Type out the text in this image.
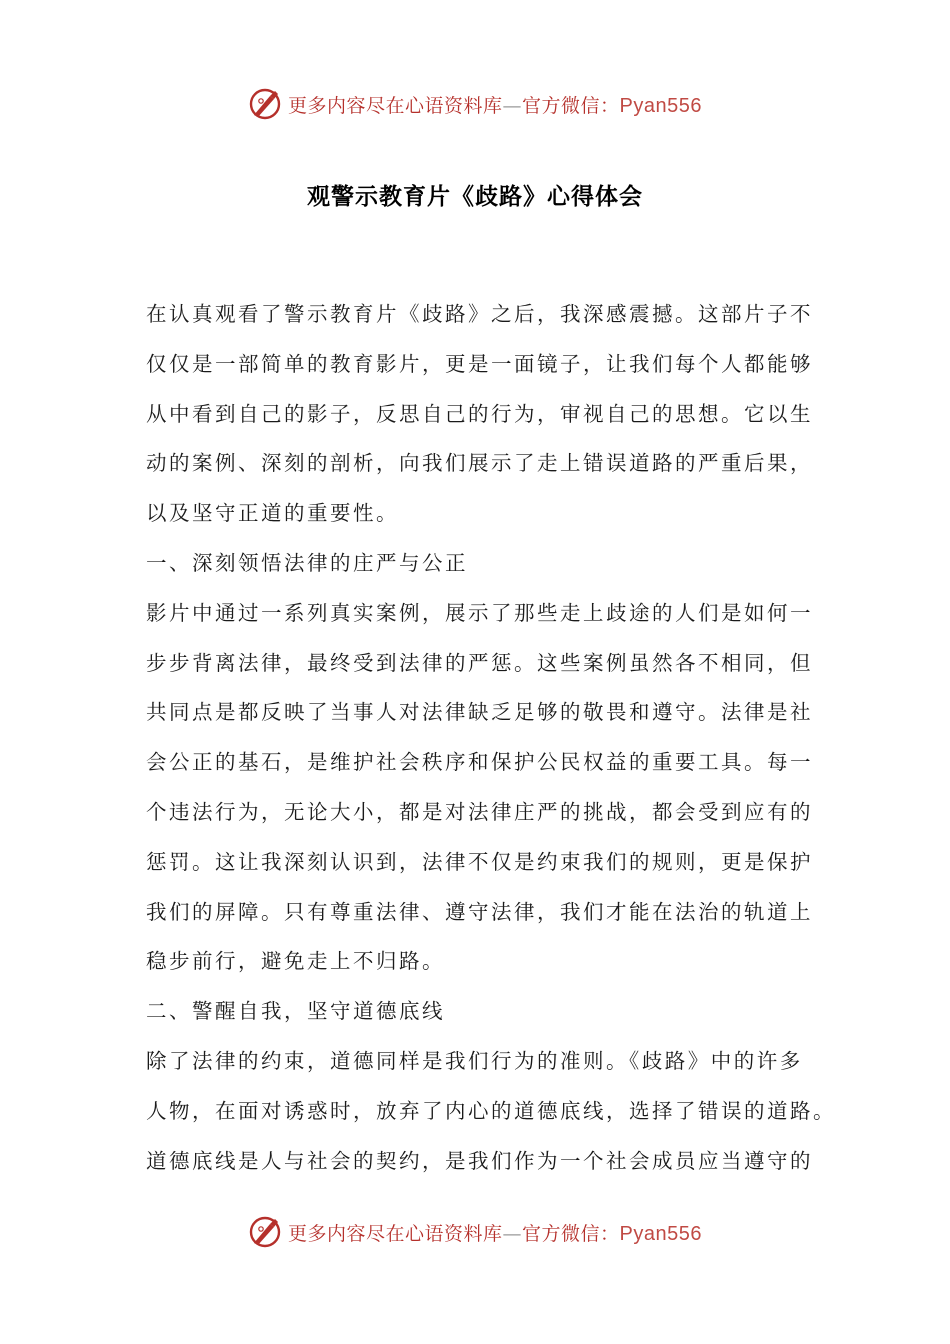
更多内容尽在心语资料库—官方微信：Pyan556
观警示教育片《歧路》心得体会
在认真观看了警示教育片《歧路》之后，我深感震撼。这部片子不
仅仅是一部简单的教育影片，更是一面镜子，让我们每个人都能够
从中看到自己的影子，反思自己的行为，审视自己的思想。它以生
动的案例、深刻的剖析，向我们展示了走上错误道路的严重后果，
以及坚守正道的重要性。
一、深刻领悟法律的庄严与公正
影片中通过一系列真实案例，展示了那些走上歧途的人们是如何一
步步背离法律，最终受到法律的严惩。这些案例虽然各不相同，但
共同点是都反映了当事人对法律缺乏足够的敬畏和遵守。法律是社
会公正的基石，是维护社会秩序和保护公民权益的重要工具。每一
个违法行为，无论大小，都是对法律庄严的挑战，都会受到应有的
惩罚。这让我深刻认识到，法律不仅是约束我们的规则，更是保护
我们的屏障。只有尊重法律、遵守法律，我们才能在法治的轨道上
稳步前行，避免走上不归路。
二、警醒自我，坚守道德底线
除了法律的约束，道德同样是我们行为的准则。《歧路》中的许多
人物，在面对诱惑时，放弃了内心的道德底线，选择了错误的道路。
道德底线是人与社会的契约，是我们作为一个社会成员应当遵守的
更多内容尽在心语资料库—官方微信：Pyan556
